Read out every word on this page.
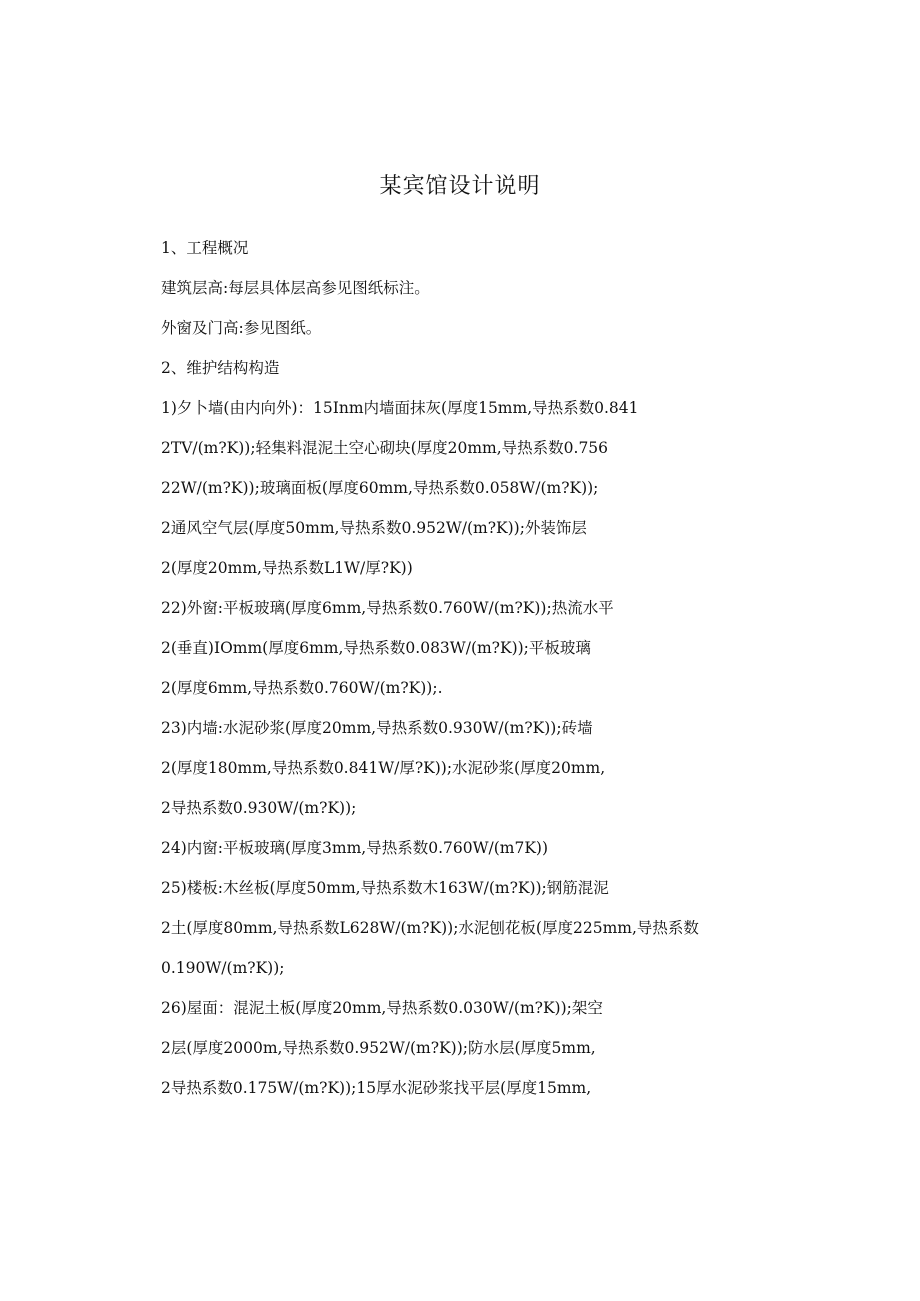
某宾馆设计说明
1、工程概况
建筑层高:每层具体层高参见图纸标注。
外窗及门高:参见图纸。
2、维护结构构造
1)夕卜墙(由内向外)：15Inm内墙面抹灰(厚度15mm,导热系数0.841
2TV/(m?K));轻集料混泥土空心砌块(厚度20mm,导热系数0.756
22W/(m?K));玻璃面板(厚度60mm,导热系数0.058W/(m?K));
2通风空气层(厚度50mm,导热系数0.952W/(m?K));外装饰层
2(厚度20mm,导热系数L1W/厚?K))
22)外窗:平板玻璃(厚度6mm,导热系数0.760W/(m?K));热流水平
2(垂直)IOmm(厚度6mm,导热系数0.083W/(m?K));平板玻璃
2(厚度6mm,导热系数0.760W/(m?K));.
23)内墙:水泥砂浆(厚度20mm,导热系数0.930W/(m?K));砖墙
2(厚度180mm,导热系数0.841W/厚?K));水泥砂浆(厚度20mm,
2导热系数0.930W/(m?K));
24)内窗:平板玻璃(厚度3mm,导热系数0.760W/(m7K))
25)楼板:木丝板(厚度50mm,导热系数木163W/(m?K));钢筋混泥
2土(厚度80mm,导热系数L628W/(m?K));水泥刨花板(厚度225mm,导热系数
0.190W/(m?K));
26)屋面：混泥土板(厚度20mm,导热系数0.030W/(m?K));架空
2层(厚度2000m,导热系数0.952W/(m?K));防水层(厚度5mm,
2导热系数0.175W/(m?K));15厚水泥砂浆找平层(厚度15mm,
